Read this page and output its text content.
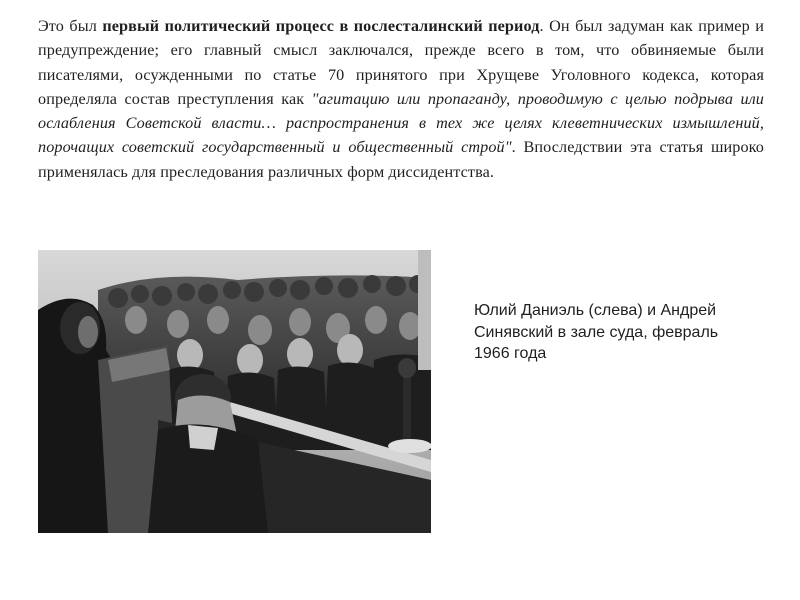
Это был первый политический процесс в послесталинский период. Он был задуман как пример и предупреждение; его главный смысл заключался, прежде всего в том, что обвиняемые были писателями, осужденными по статье 70 принятого при Хрущеве Уголовного кодекса, которая определяла состав преступления как "агитацию или пропаганду, проводимую с целью подрыва или ослабления Советской власти… распространения в тех же целях клеветнических измышлений, порочащих советский государственный и общественный строй". Впоследствии эта статья широко применялась для преследования различных форм диссидентства.
Юлий Даниэль (слева) и Андрей
Синявский в зале суда, февраль
1966 года
